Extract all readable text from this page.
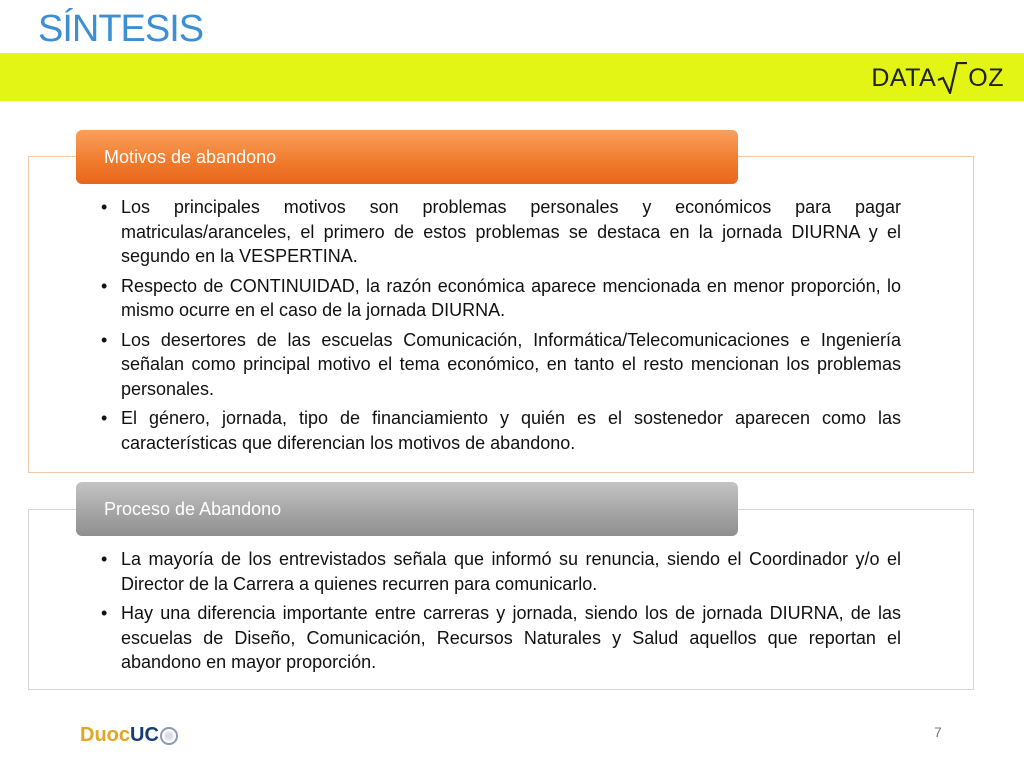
SÍNTESIS
DATA OZ
• Los principales motivos son problemas personales y económicos para pagar matriculas/aranceles, el primero de estos problemas se destaca en la jornada DIURNA y el segundo en la VESPERTINA.
• Respecto de CONTINUIDAD, la razón económica aparece mencionada en menor proporción, lo mismo ocurre en el caso de la jornada DIURNA.
• Los desertores de las escuelas Comunicación, Informática/Telecomunicaciones e Ingeniería señalan como principal motivo el tema económico, en tanto el resto mencionan los problemas personales.
• El género, jornada, tipo de financiamiento y quién es el sostenedor aparecen como las características que diferencian los motivos de abandono.
Motivos de abandono
• La mayoría de los entrevistados señala que informó su renuncia, siendo el Coordinador y/o el Director de la Carrera a quienes recurren para comunicarlo.
• Hay una diferencia importante entre carreras y jornada, siendo los de jornada DIURNA, de las escuelas de Diseño, Comunicación, Recursos Naturales y Salud aquellos que reportan el abandono en mayor proporción.
Proceso de Abandono
Duoc UC	7
